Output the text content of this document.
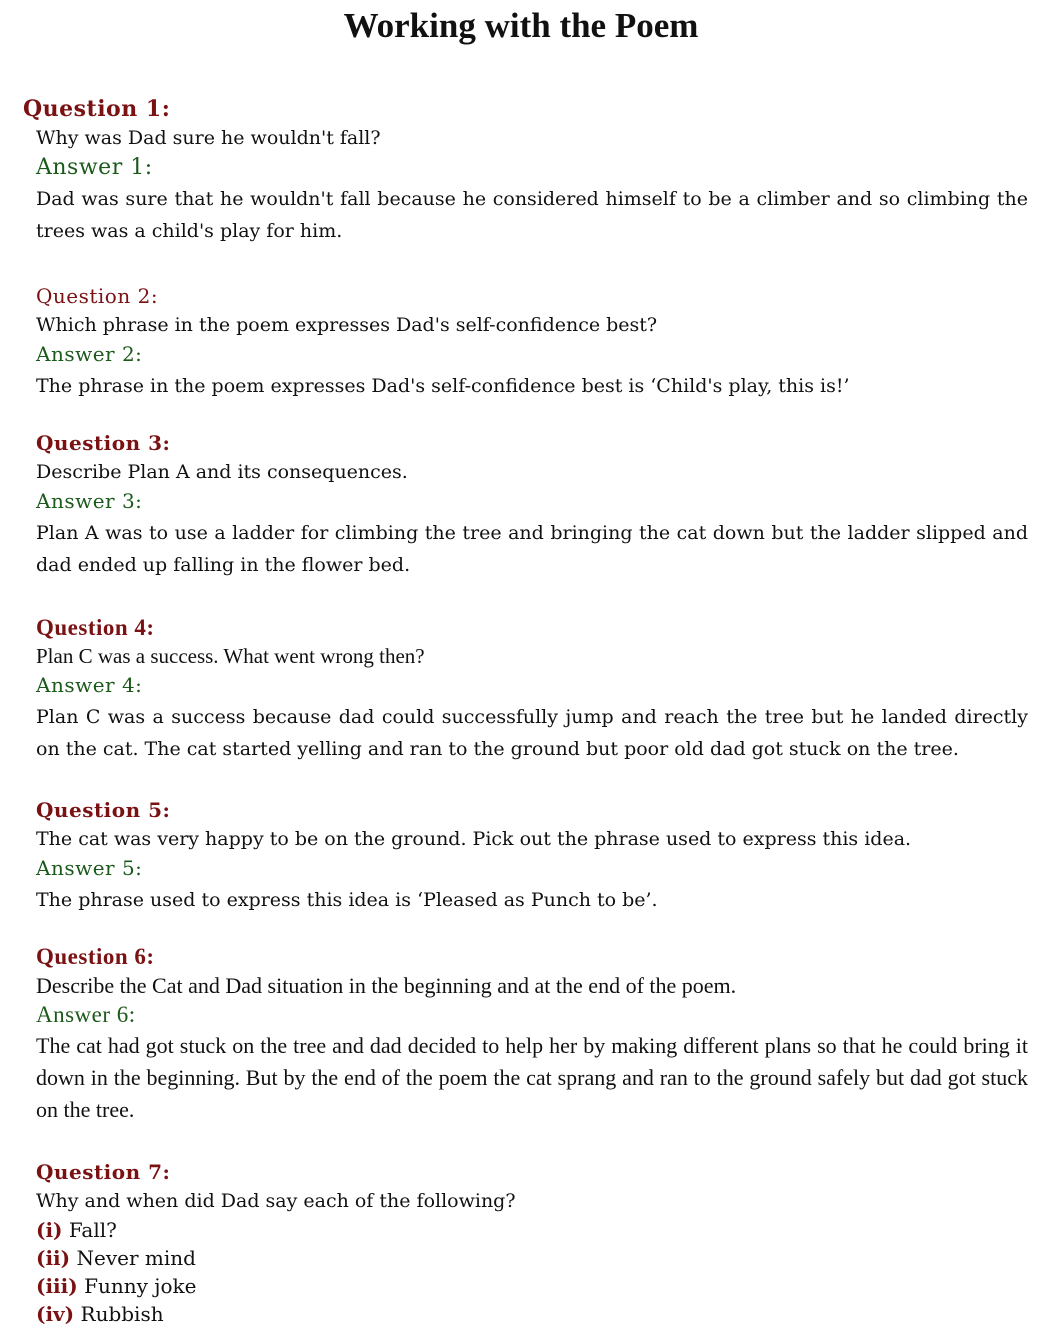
Working with the Poem
Question 1:
Why was Dad sure he wouldn't fall?
Answer 1:
Dad was sure that he wouldn't fall because he considered himself to be a climber and so climbing the trees was a child's play for him.
Question 2:
Which phrase in the poem expresses Dad's self-confidence best?
Answer 2:
The phrase in the poem expresses Dad's self-confidence best is ‘Child's play, this is!’
Question 3:
Describe Plan A and its consequences.
Answer 3:
Plan A was to use a ladder for climbing the tree and bringing the cat down but the ladder slipped and dad ended up falling in the flower bed.
Question 4:
Plan C was a success. What went wrong then?
Answer 4:
Plan C was a success because dad could successfully jump and reach the tree but he landed directly on the cat. The cat started yelling and ran to the ground but poor old dad got stuck on the tree.
Question 5:
The cat was very happy to be on the ground. Pick out the phrase used to express this idea.
Answer 5:
The phrase used to express this idea is ‘Pleased as Punch to be’.
Question 6:
Describe the Cat and Dad situation in the beginning and at the end of the poem.
Answer 6:
The cat had got stuck on the tree and dad decided to help her by making different plans so that he could bring it down in the beginning. But by the end of the poem the cat sprang and ran to the ground safely but dad got stuck on the tree.
Question 7:
Why and when did Dad say each of the following?
(i) Fall?
(ii) Never mind
(iii) Funny joke
(iv) Rubbish
